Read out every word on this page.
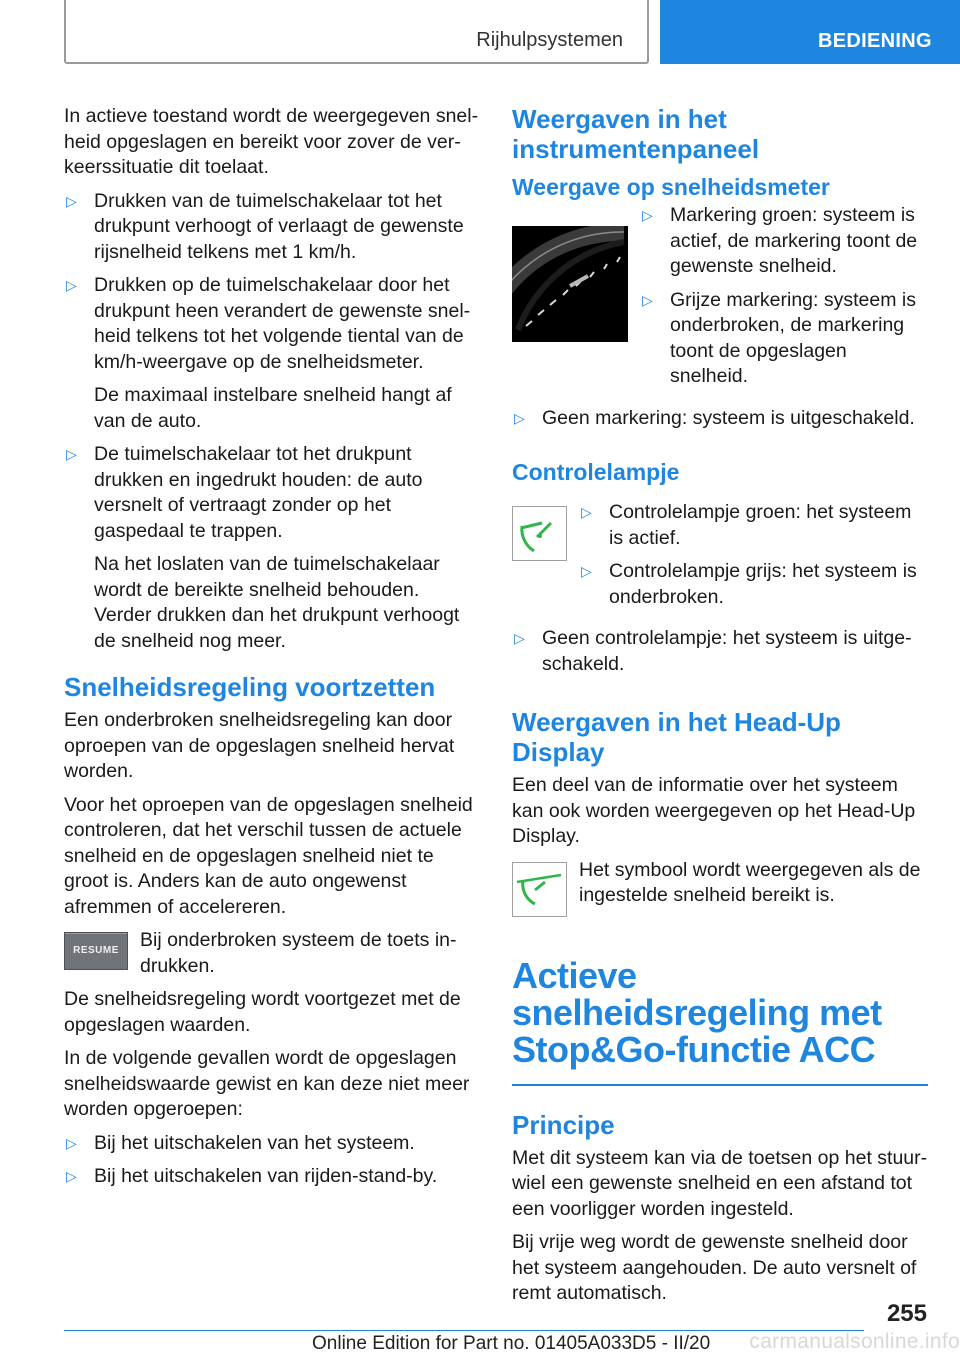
Rijhulpsystemen	BEDIENING

In actieve toestand wordt de weergegeven snelheid opgeslagen en bereikt voor zover de verkeerssituatie dit toelaat.

▷ Drukken van de tuimelschakelaar tot het drukpunt verhoogt of verlaagt de gewenste rijsnelheid telkens met 1 km/h.

▷ Drukken op de tuimelschakelaar door het drukpunt heen verandert de gewenste snelheid telkens tot het volgende tiental van de km/h-weergave op de snelheidsmeter.

De maximaal instelbare snelheid hangt af van de auto.

▷ De tuimelschakelaar tot het drukpunt drukken en ingedrukt houden: de auto versnelt of vertraagt zonder op het gaspedaal te trappen.

Na het loslaten van de tuimelschakelaar wordt de bereikte snelheid behouden. Verder drukken dan het drukpunt verhoogt de snelheid nog meer.

Snelheidsregeling voortzetten

Een onderbroken snelheidsregeling kan door oproepen van de opgeslagen snelheid hervat worden.

Voor het oproepen van de opgeslagen snelheid controleren, dat het verschil tussen de actuele snelheid en de opgeslagen snelheid niet te groot is. Anders kan de auto ongewenst afremmen of accelereren.

RESUME Bij onderbroken systeem de toets indrukken.

De snelheidsregeling wordt voortgezet met de opgeslagen waarden.

In de volgende gevallen wordt de opgeslagen snelheidswaarde gewist en kan deze niet meer worden opgeroepen:

▷ Bij het uitschakelen van het systeem.

▷ Bij het uitschakelen van rijden-stand-by.

Weergaven in het instrumentenpaneel
Weergave op snelheidsmeter
▷ Markering groen: systeem is actief, de markering toont de gewenste snelheid.

▷ Grijze markering: systeem is onderbroken, de markering toont de opgeslagen snelheid.

▷ Geen markering: systeem is uitgeschakeld.

Controlelampje
▷ Controlelampje groen: het systeem is actief.

▷ Controlelampje grijs: het systeem is onderbroken.

▷ Geen controlelampje: het systeem is uitgeschakeld.

Weergaven in het Head-Up Display

Een deel van de informatie over het systeem kan ook worden weergegeven op het Head-Up Display.

Het symbool wordt weergegeven als de ingestelde snelheid bereikt is.

Actieve snelheidsregeling met Stop&Go-functie ACC
Principe

Met dit systeem kan via de toetsen op het stuurwiel een gewenste snelheid en een afstand tot een voorligger worden ingesteld.

Bij vrije weg wordt de gewenste snelheid door het systeem aangehouden. De auto versnelt of remt automatisch.

255
Online Edition for Part no. 01405A033D5 - II/20 carmanualsonline.info
